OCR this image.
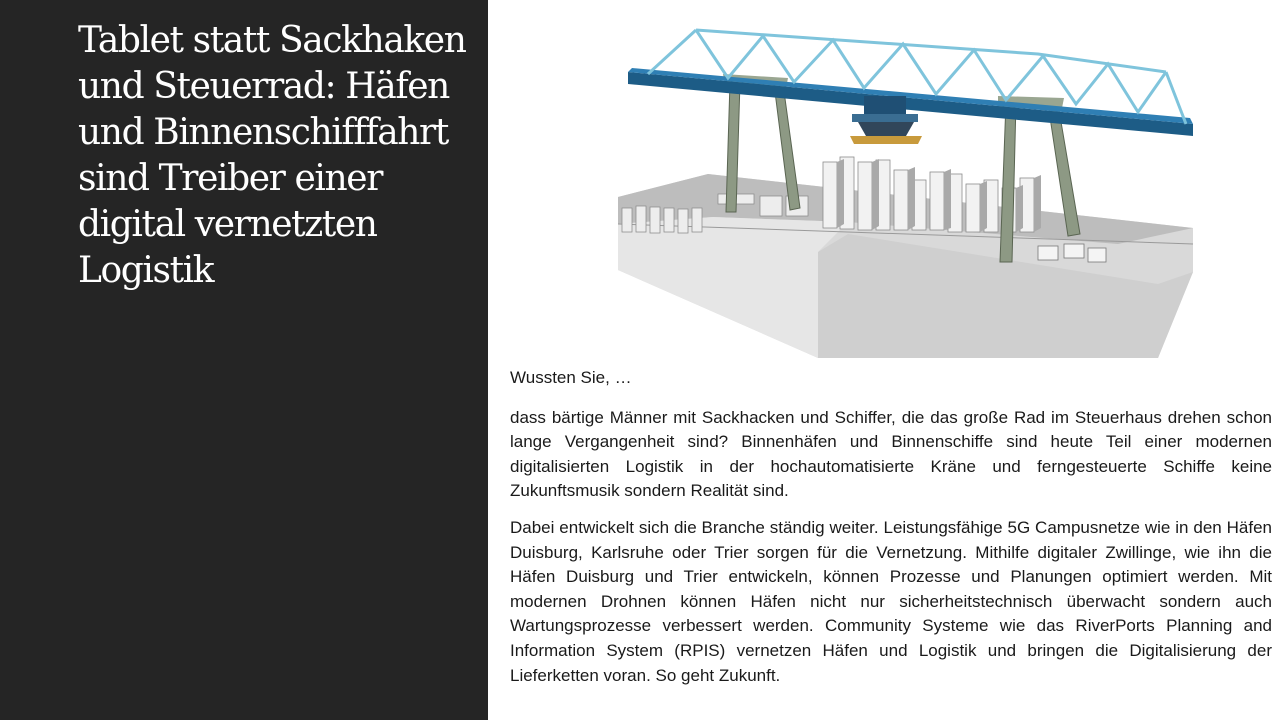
Tablet statt Sackhaken und Steuerrad: Häfen und Binnenschifffahrt sind Treiber einer digital vernetzten Logistik

Wussten Sie, …

dass bärtige Männer mit Sackhacken und Schiffer, die das große Rad im Steuerhaus drehen schon lange Vergangenheit sind? Binnenhäfen und Binnenschiffe sind heute Teil einer modernen digitalisierten Logistik in der hochautomatisierte Kräne und ferngesteuerte Schiffe keine Zukunftsmusik sondern Realität sind.

Dabei entwickelt sich die Branche ständig weiter. Leistungsfähige 5G Campusnetze wie in den Häfen Duisburg, Karlsruhe oder Trier sorgen für die Vernetzung. Mithilfe digitaler Zwillinge, wie ihn die Häfen Duisburg und Trier entwickeln, können Prozesse und Planungen optimiert werden. Mit modernen Drohnen können Häfen nicht nur sicherheitstechnisch überwacht sondern auch Wartungsprozesse verbessert werden. Community Systeme wie das RiverPorts Planning and Information System (RPIS) vernetzen Häfen und Logistik und bringen die Digitalisierung der Lieferketten voran. So geht Zukunft.
